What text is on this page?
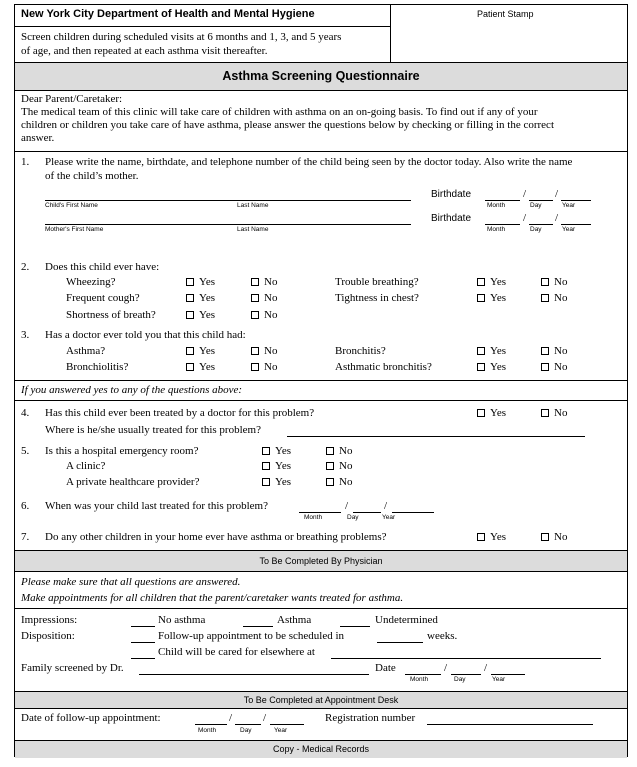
New York City Department of Health and Mental Hygiene	Patient Stamp
Screen children during scheduled visits at 6 months and 1, 3, and 5 years
of age, and then repeated at each asthma visit thereafter.
Asthma Screening Questionnaire
Dear Parent/Caretaker:
The medical team of this clinic will take care of children with asthma on an on-going basis. To find out if any of your
children or children you take care of have asthma, please answer the questions below by checking or filling in the correct
answer.
1. Please write the name, birthdate, and telephone number of the child being seen by the doctor today. Also write the name
of the child’s mother.
Child's First Name	Last Name
Birthdate	/	/
Month	Day	Year
Mother's First Name	Last Name
Birthdate	/	/
Month	Day	Year
2. Does this child ever have:
Wheezing?	Yes	No	Trouble breathing?	Yes	No
Frequent cough?	Yes	No	Tightness in chest?	Yes	No
Shortness of breath?	Yes	No
3. Has a doctor ever told you that this child had:
Asthma?	Yes	No	Bronchitis?	Yes	No
Bronchiolitis?	Yes	No	Asthmatic bronchitis?	Yes	No
If you answered yes to any of the questions above:
4. Has this child ever been treated by a doctor for this problem?	Yes	No
Where is he/she usually treated for this problem?
5. Is this a hospital emergency room?	Yes	No
A clinic?	Yes	No
A private healthcare provider?	Yes	No
6. When was your child last treated for this problem?	/	/
Month	Day	Year
7. Do any other children in your home ever have asthma or breathing problems?	Yes	No
To Be Completed By Physician
Please make sure that all questions are answered.
Make appointments for all children that the parent/caretaker wants treated for asthma.
Impressions:	No asthma	Asthma	Undetermined
Disposition:	Follow-up appointment to be scheduled in	weeks.
Child will be cared for elsewhere at
Family screened by Dr.	Date	/	/
Month	Day	Year
To Be Completed at Appointment Desk
Date of follow-up appointment:	/	/
Month	Day	Year
Registration number
Copy - Medical Records
